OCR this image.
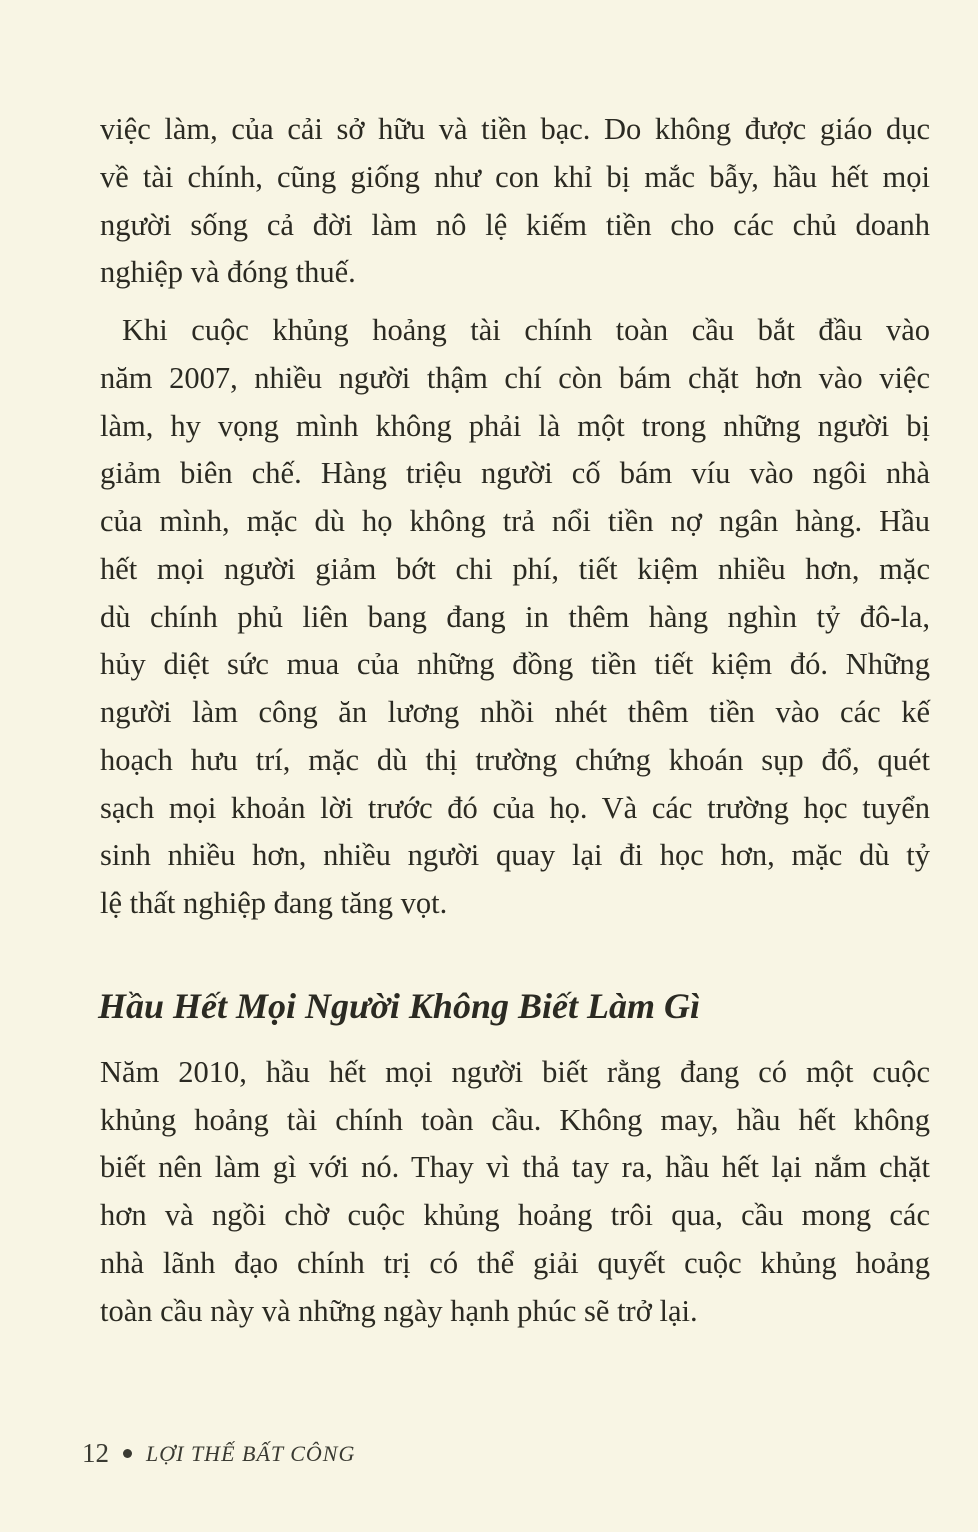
việc làm, của cải sở hữu và tiền bạc. Do không được giáo dục
về tài chính, cũng giống như con khỉ bị mắc bẫy, hầu hết mọi
người sống cả đời làm nô lệ kiếm tiền cho các chủ doanh
nghiệp và đóng thuế.
Khi cuộc khủng hoảng tài chính toàn cầu bắt đầu vào
năm 2007, nhiều người thậm chí còn bám chặt hơn vào việc
làm, hy vọng mình không phải là một trong những người bị
giảm biên chế. Hàng triệu người cố bám víu vào ngôi nhà
của mình, mặc dù họ không trả nổi tiền nợ ngân hàng. Hầu
hết mọi người giảm bớt chi phí, tiết kiệm nhiều hơn, mặc
dù chính phủ liên bang đang in thêm hàng nghìn tỷ đô-la,
hủy diệt sức mua của những đồng tiền tiết kiệm đó. Những
người làm công ăn lương nhồi nhét thêm tiền vào các kế
hoạch hưu trí, mặc dù thị trường chứng khoán sụp đổ, quét
sạch mọi khoản lời trước đó của họ. Và các trường học tuyển
sinh nhiều hơn, nhiều người quay lại đi học hơn, mặc dù tỷ
lệ thất nghiệp đang tăng vọt.
Hầu Hết Mọi Người Không Biết Làm Gì
Năm 2010, hầu hết mọi người biết rằng đang có một cuộc
khủng hoảng tài chính toàn cầu. Không may, hầu hết không
biết nên làm gì với nó. Thay vì thả tay ra, hầu hết lại nắm chặt
hơn và ngồi chờ cuộc khủng hoảng trôi qua, cầu mong các
nhà lãnh đạo chính trị có thể giải quyết cuộc khủng hoảng
toàn cầu này và những ngày hạnh phúc sẽ trở lại.
12 LỢI THẾ BẤT CÔNG
